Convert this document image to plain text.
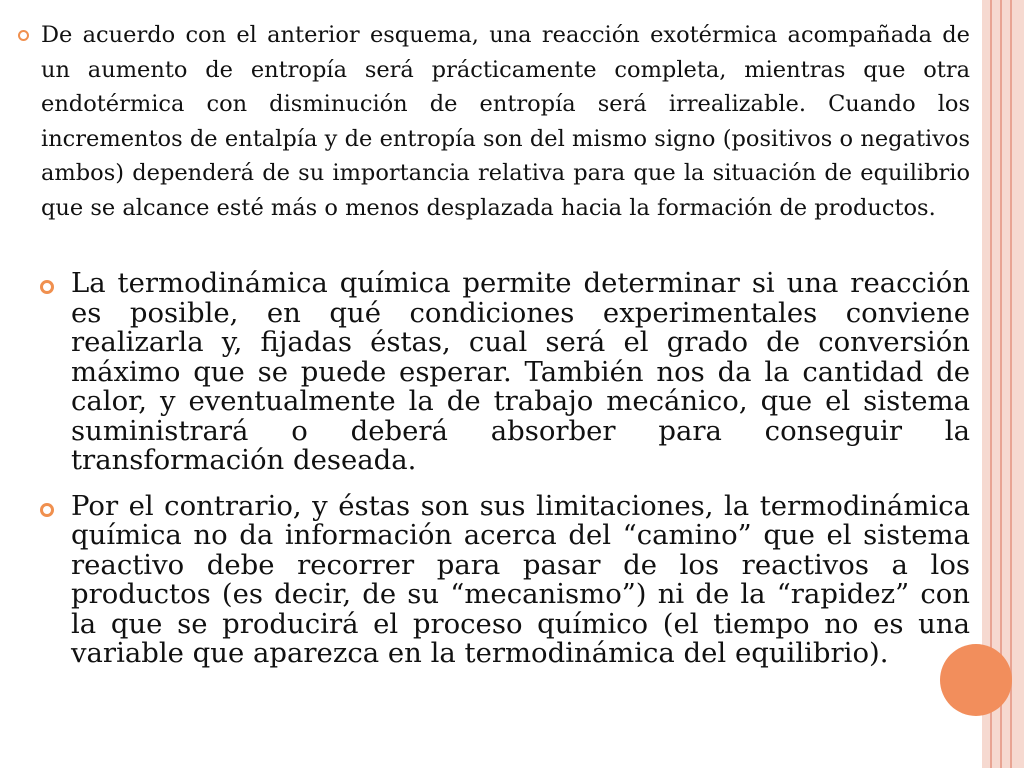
De acuerdo con el anterior esquema, una reacción exotérmica acompañada de un aumento de entropía será prácticamente completa, mientras que otra endotérmica con disminución de entropía será irrealizable. Cuando los incrementos de entalpía y de entropía son del mismo signo (positivos o negativos ambos) dependerá de su importancia relativa para que la situación de equilibrio que se alcance esté más o menos desplazada hacia la formación de productos.
La termodinámica química permite determinar si una reacción es posible, en qué condiciones experimentales conviene realizarla y, fijadas éstas, cual será el grado de conversión máximo que se puede esperar. También nos da la cantidad de calor, y eventualmente la de trabajo mecánico, que el sistema suministrará o deberá absorber para conseguir la transformación deseada.
Por el contrario, y éstas son sus limitaciones, la termodinámica química no da información acerca del “camino” que el sistema reactivo debe recorrer para pasar de los reactivos a los productos (es decir, de su “mecanismo”) ni de la “rapidez” con la que se producirá el proceso químico (el tiempo no es una variable que aparezca en la termodinámica del equilibrio).
